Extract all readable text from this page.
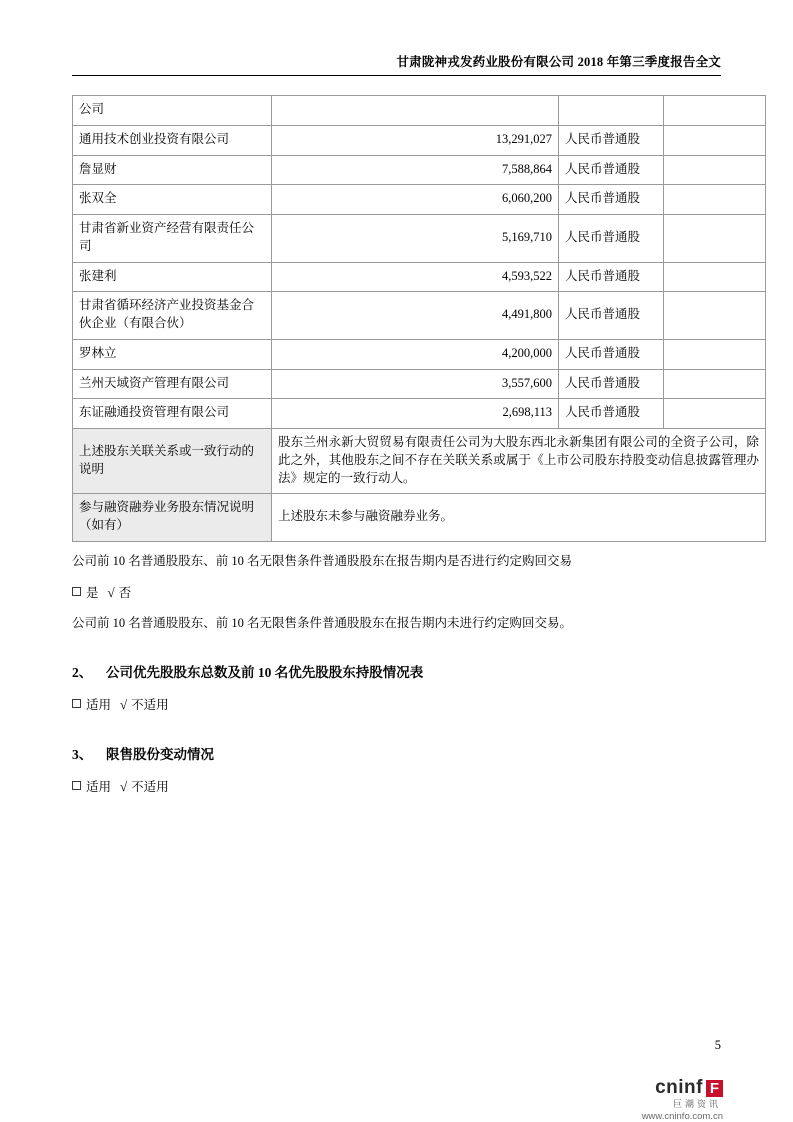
甘肃陇神戎发药业股份有限公司 2018 年第三季度报告全文
公司			
通用技术创业投资有限公司	13,291,027	人民币普通股	
詹显财	7,588,864	人民币普通股	
张双全	6,060,200	人民币普通股	
甘肃省新业资产经营有限责任公司	5,169,710	人民币普通股	
张建利	4,593,522	人民币普通股	
甘肃省循环经济产业投资基金合伙企业（有限合伙）	4,491,800	人民币普通股	
罗林立	4,200,000	人民币普通股	
兰州天域资产管理有限公司	3,557,600	人民币普通股	
东证融通投资管理有限公司	2,698,113	人民币普通股	
上述股东关联关系或一致行动的说明	股东兰州永新大贸贸易有限责任公司为大股东西北永新集团有限公司的全资子公司，除此之外，其他股东之间不存在关联关系或属于《上市公司股东持股变动信息披露管理办法》规定的一致行动人。		
参与融资融券业务股东情况说明（如有）	上述股东未参与融资融券业务。		
公司前 10 名普通股股东、前 10 名无限售条件普通股股东在报告期内是否进行约定购回交易
是 √ 否
公司前 10 名普通股股东、前 10 名无限售条件普通股股东在报告期内未进行约定购回交易。
2、 公司优先股股东总数及前 10 名优先股股东持股情况表
适用 √ 不适用
3、 限售股份变动情况
适用 √ 不适用
5
cninf F
巨潮资讯
www.cninfo.com.cn
